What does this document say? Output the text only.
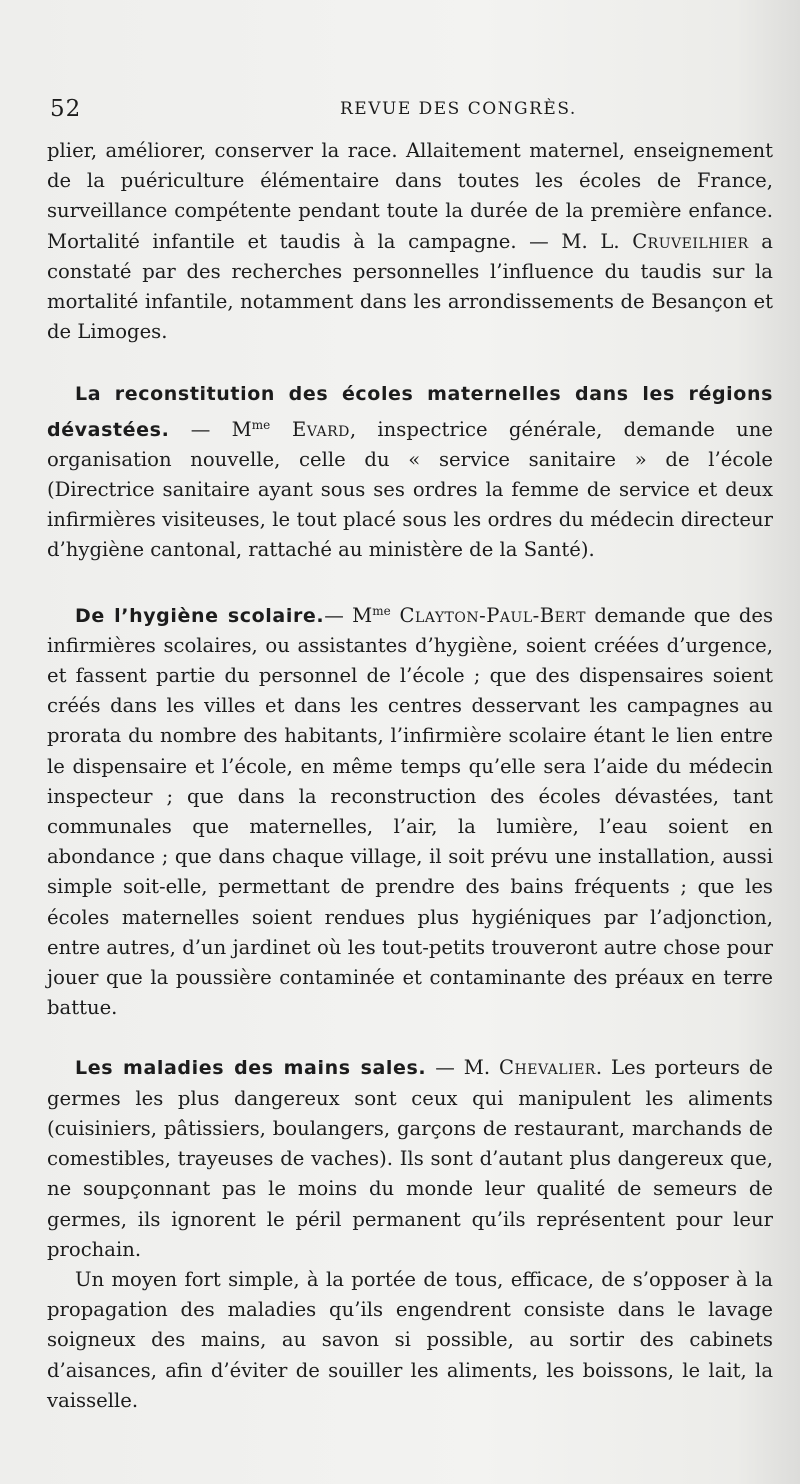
52	REVUE DES CONGRÈS.

plier, améliorer, conserver la race. Allaitement maternel, enseignement de la puériculture élémentaire dans toutes les écoles de France, surveillance compétente pendant toute la durée de la première enfance. Mortalité infantile et taudis à la campagne. — M. L. Cruveilhier a constaté par des recherches personnelles l’influence du taudis sur la mortalité infantile, notamment dans les arrondissements de Besançon et de Limoges.

La reconstitution des écoles maternelles dans les régions dévastées. — $M^{me}$ Evard, inspectrice générale, demande une organisation nouvelle, celle du « service sanitaire » de l’école (Directrice sanitaire ayant sous ses ordres la femme de service et deux infirmières visiteuses, le tout placé sous les ordres du médecin directeur d’hygiène cantonal, rattaché au ministère de la Santé).

De l’hygiène scolaire.— $M^{me}$ Clayton-Paul-Bert demande que des infirmières scolaires, ou assistantes d’hygiène, soient créées d’urgence, et fassent partie du personnel de l’école ; que des dispensaires soient créés dans les villes et dans les centres desservant les campagnes au prorata du nombre des habitants, l’infirmière scolaire étant le lien entre le dispensaire et l’école, en même temps qu’elle sera l’aide du médecin inspecteur ; que dans la reconstruction des écoles dévastées, tant communales que maternelles, l’air, la lumière, l’eau soient en abondance ; que dans chaque village, il soit prévu une installation, aussi simple soit-elle, permettant de prendre des bains fréquents ; que les écoles maternelles soient rendues plus hygiéniques par l’adjonction, entre autres, d’un jardinet où les tout-petits trouveront autre chose pour jouer que la poussière contaminée et contaminante des préaux en terre battue.

Les maladies des mains sales. — M. Chevalier. Les porteurs de germes les plus dangereux sont ceux qui manipulent les aliments (cuisiniers, pâtissiers, boulangers, garçons de restaurant, marchands de comestibles, trayeuses de vaches). Ils sont d’autant plus dangereux que, ne soupçonnant pas le moins du monde leur qualité de semeurs de germes, ils ignorent le péril permanent qu’ils représentent pour leur prochain.

Un moyen fort simple, à la portée de tous, efficace, de s’opposer à la propagation des maladies qu’ils engendrent consiste dans le lavage soigneux des mains, au savon si possible, au sortir des cabinets d’aisances, afin d’éviter de souiller les aliments, les boissons, le lait, la vaisselle.
